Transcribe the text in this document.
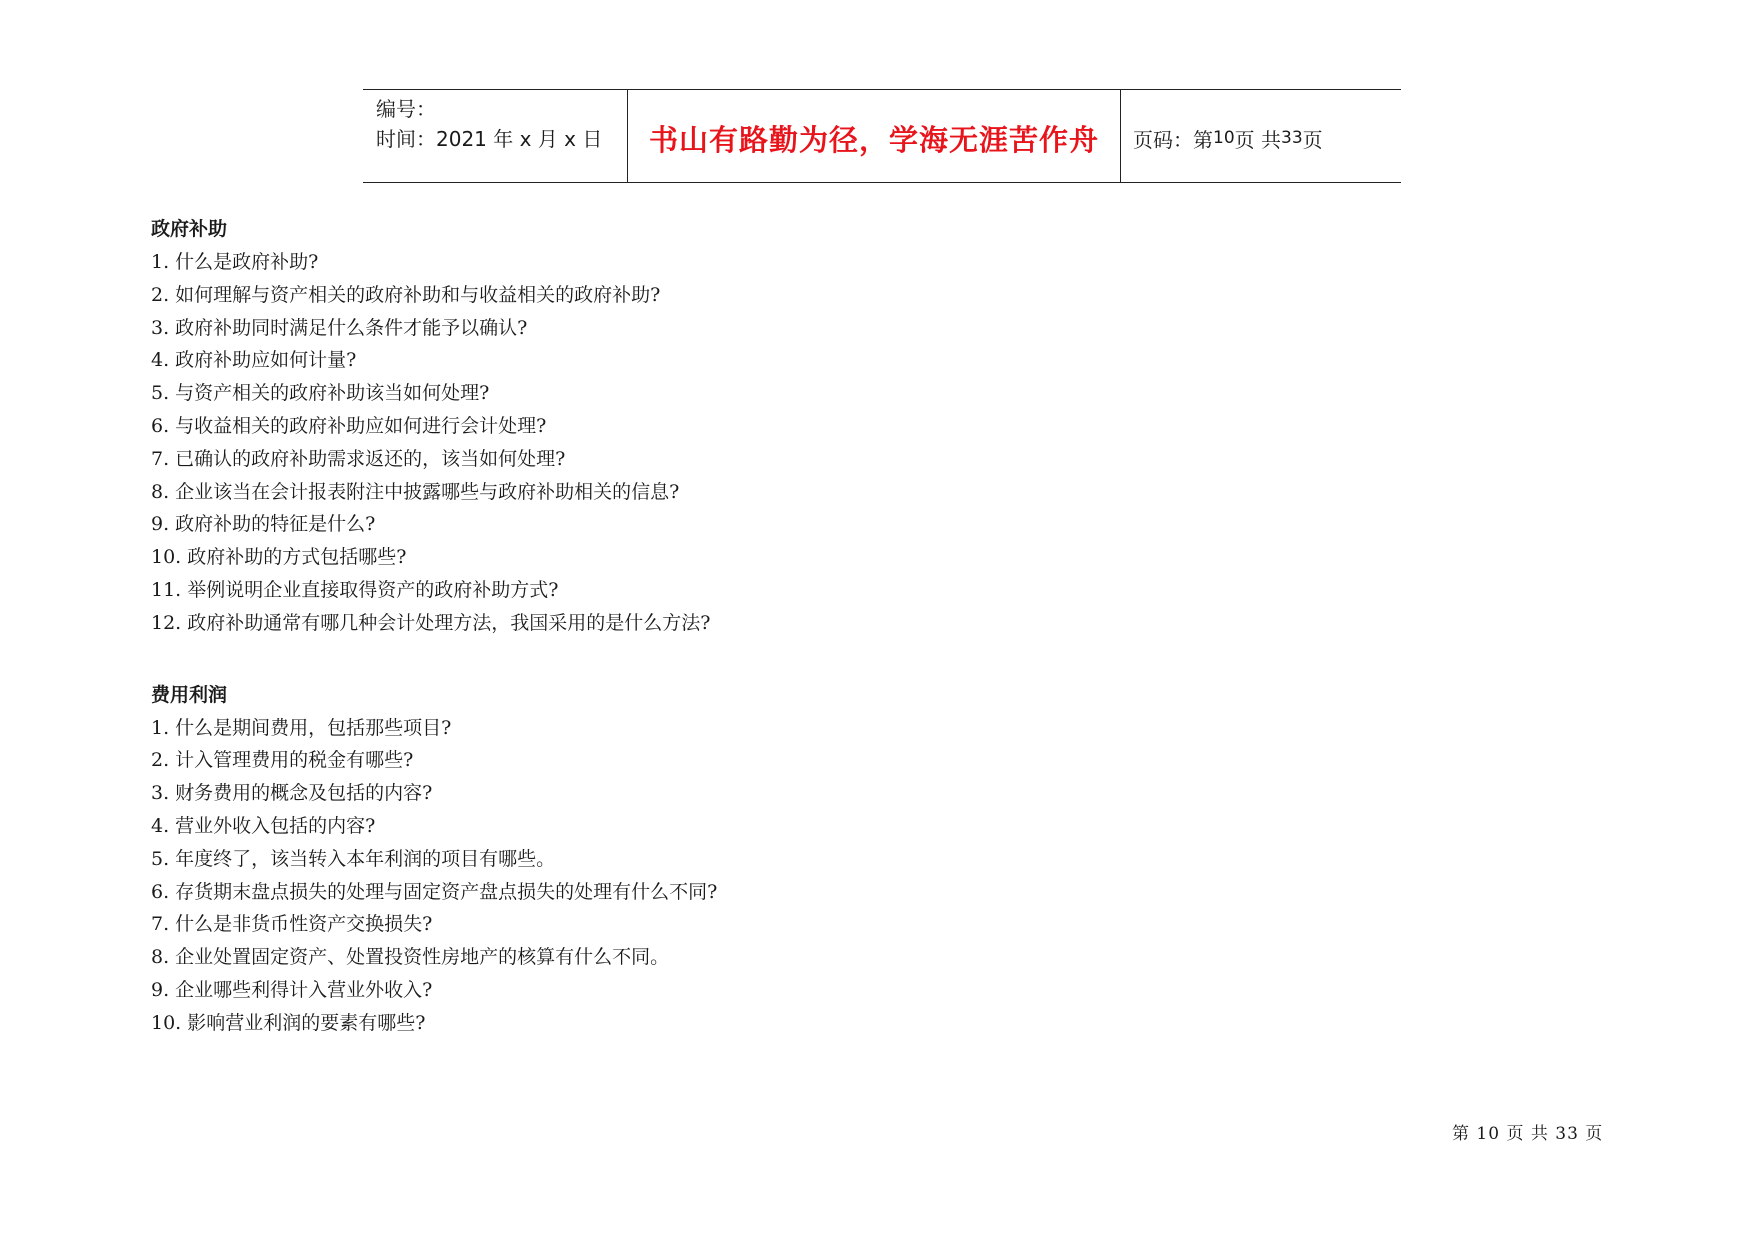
编号：
时间：2021 年 x 月 x 日	书山有路勤为径，学海无涯苦作舟 页码：第 10 页 共 33 页
政府补助
1. 什么是政府补助?
2. 如何理解与资产相关的政府补助和与收益相关的政府补助?
3. 政府补助同时满足什么条件才能予以确认?
4. 政府补助应如何计量?
5. 与资产相关的政府补助该当如何处理?
6. 与收益相关的政府补助应如何进行会计处理?
7. 已确认的政府补助需求返还的，该当如何处理?
8. 企业该当在会计报表附注中披露哪些与政府补助相关的信息?
9. 政府补助的特征是什么?
10. 政府补助的方式包括哪些?
11. 举例说明企业直接取得资产的政府补助方式?
12. 政府补助通常有哪几种会计处理方法，我国采用的是什么方法?
费用利润
1. 什么是期间费用，包括那些项目?
2. 计入管理费用的税金有哪些?
3. 财务费用的概念及包括的内容?
4. 营业外收入包括的内容?
5. 年度终了，该当转入本年利润的项目有哪些。
6. 存货期末盘点损失的处理与固定资产盘点损失的处理有什么不同?
7. 什么是非货币性资产交换损失?
8. 企业处置固定资产、处置投资性房地产的核算有什么不同。
9. 企业哪些利得计入营业外收入?
10. 影响营业利润的要素有哪些?
第 10 页 共 33 页
